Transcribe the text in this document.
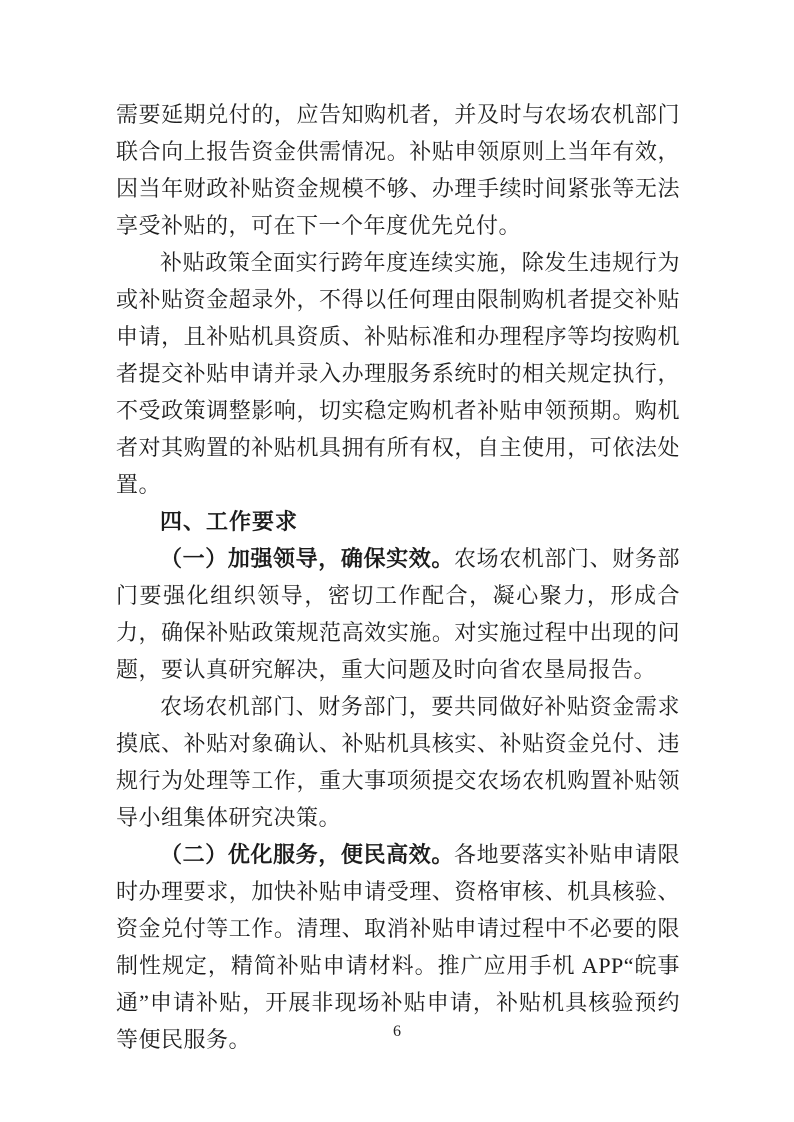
需要延期兑付的，应告知购机者，并及时与农场农机部门联合向上报告资金供需情况。补贴申领原则上当年有效，因当年财政补贴资金规模不够、办理手续时间紧张等无法享受补贴的，可在下一个年度优先兑付。

补贴政策全面实行跨年度连续实施，除发生违规行为或补贴资金超录外，不得以任何理由限制购机者提交补贴申请，且补贴机具资质、补贴标准和办理程序等均按购机者提交补贴申请并录入办理服务系统时的相关规定执行，不受政策调整影响，切实稳定购机者补贴申领预期。购机者对其购置的补贴机具拥有所有权，自主使用，可依法处置。

四、工作要求

（一）加强领导，确保实效。农场农机部门、财务部门要强化组织领导，密切工作配合，凝心聚力，形成合力，确保补贴政策规范高效实施。对实施过程中出现的问题，要认真研究解决，重大问题及时向省农垦局报告。

农场农机部门、财务部门，要共同做好补贴资金需求摸底、补贴对象确认、补贴机具核实、补贴资金兑付、违规行为处理等工作，重大事项须提交农场农机购置补贴领导小组集体研究决策。

（二）优化服务，便民高效。各地要落实补贴申请限时办理要求，加快补贴申请受理、资格审核、机具核验、资金兑付等工作。清理、取消补贴申请过程中不必要的限制性规定，精简补贴申请材料。推广应用手机 APP“皖事通”申请补贴，开展非现场补贴申请，补贴机具核验预约等便民服务。	6
